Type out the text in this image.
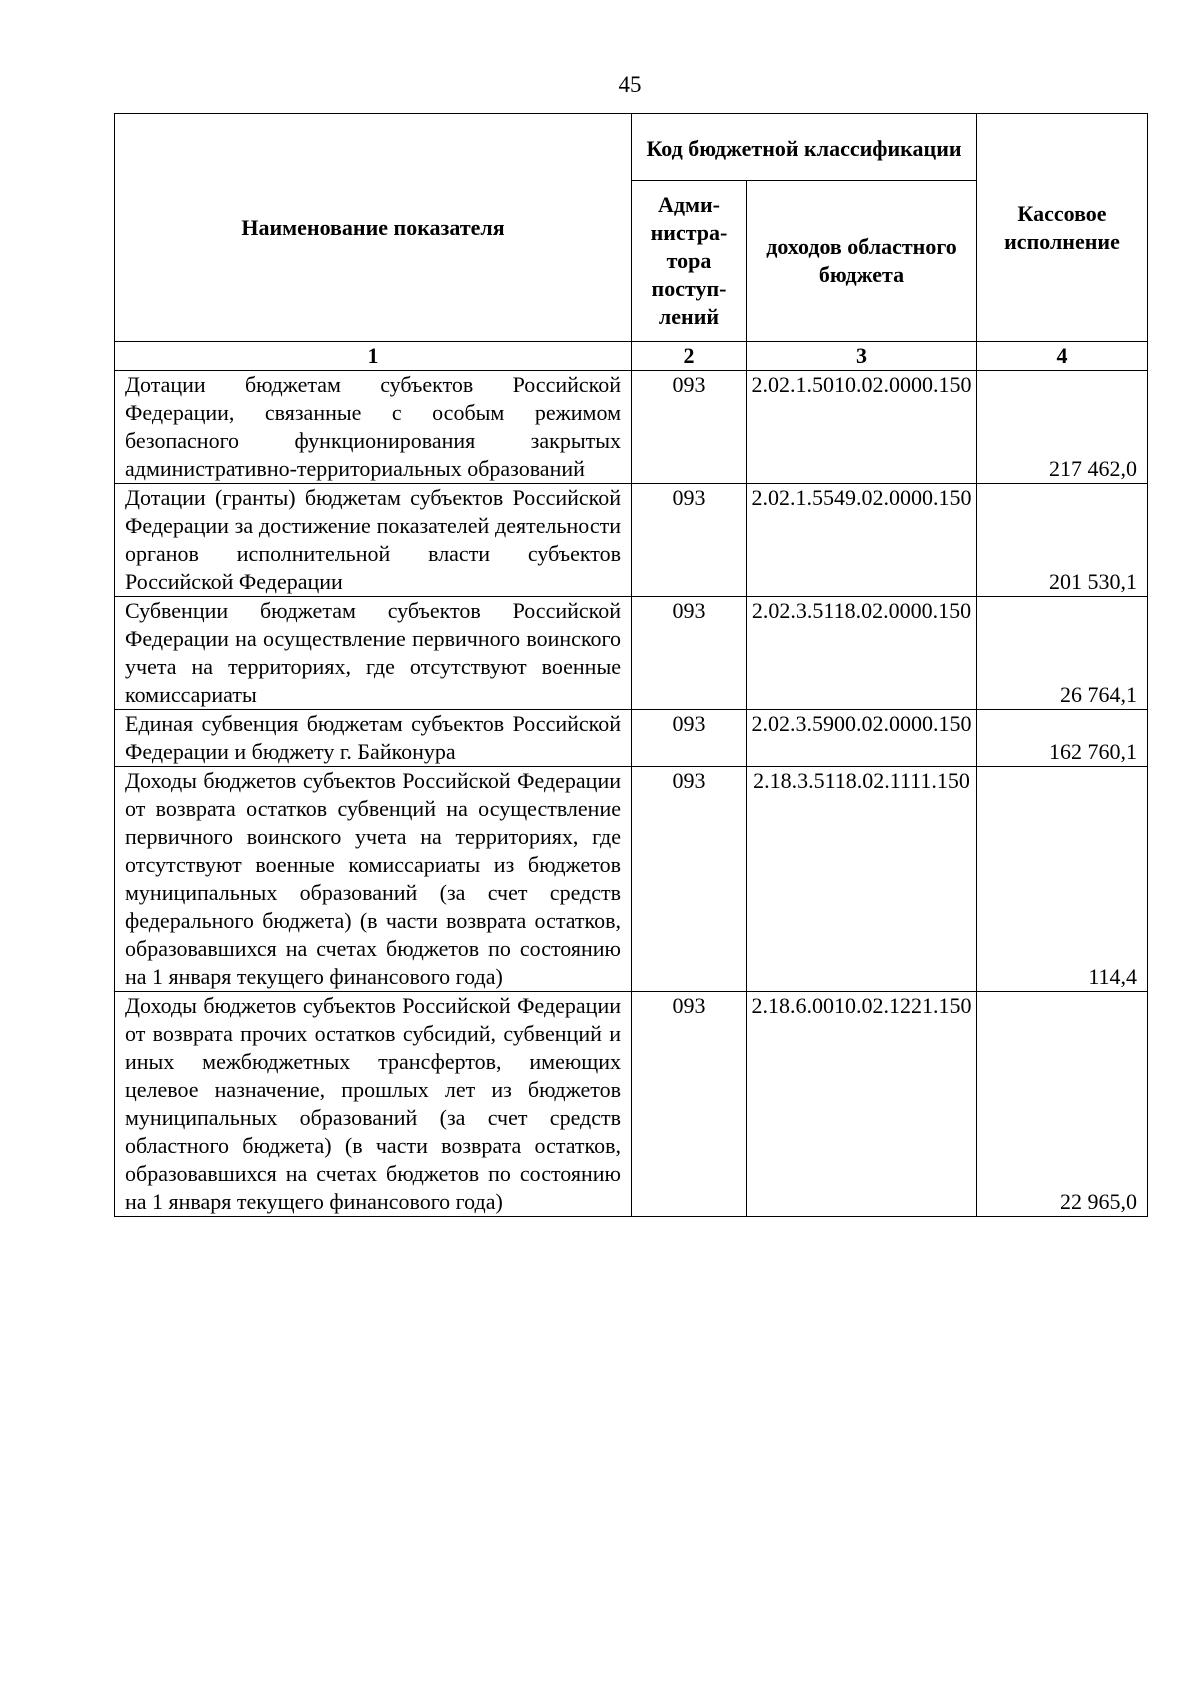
45
Наименование показателя	Код бюджетной классификации		Кассовое исполнение
	Адми-нистра-тора поступ-лений	доходов областного бюджета	
1	2	3	4
Дотации бюджетам субъектов Российской Федерации, связанные с особым режимом безопасного функционирования закрытых административно-территориальных образований	093	2.02.1.5010.02.0000.150	217 462,0
Дотации (гранты) бюджетам субъектов Российской Федерации за достижение показателей деятельности органов исполнительной власти субъектов Российской Федерации	093	2.02.1.5549.02.0000.150	201 530,1
Субвенции бюджетам субъектов Российской Федерации на осуществление первичного воинского учета на территориях, где отсутствуют военные комиссариаты	093	2.02.3.5118.02.0000.150	26 764,1
Единая субвенция бюджетам субъектов Российской Федерации и бюджету г. Байконура	093	2.02.3.5900.02.0000.150	162 760,1
Доходы бюджетов субъектов Российской Федерации от возврата остатков субвенций на осуществление первичного воинского учета на территориях, где отсутствуют военные комиссариаты из бюджетов муниципальных образований (за счет средств федерального бюджета) (в части возврата остатков, образовавшихся на счетах бюджетов по состоянию на 1 января текущего финансового года)	093	2.18.3.5118.02.1111.150	114,4
Доходы бюджетов субъектов Российской Федерации от возврата прочих остатков субсидий, субвенций и иных межбюджетных трансфертов, имеющих целевое назначение, прошлых лет из бюджетов муниципальных образований (за счет средств областного бюджета) (в части возврата остатков, образовавшихся на счетах бюджетов по состоянию на 1 января текущего финансового года)	093	2.18.6.0010.02.1221.150	22 965,0
